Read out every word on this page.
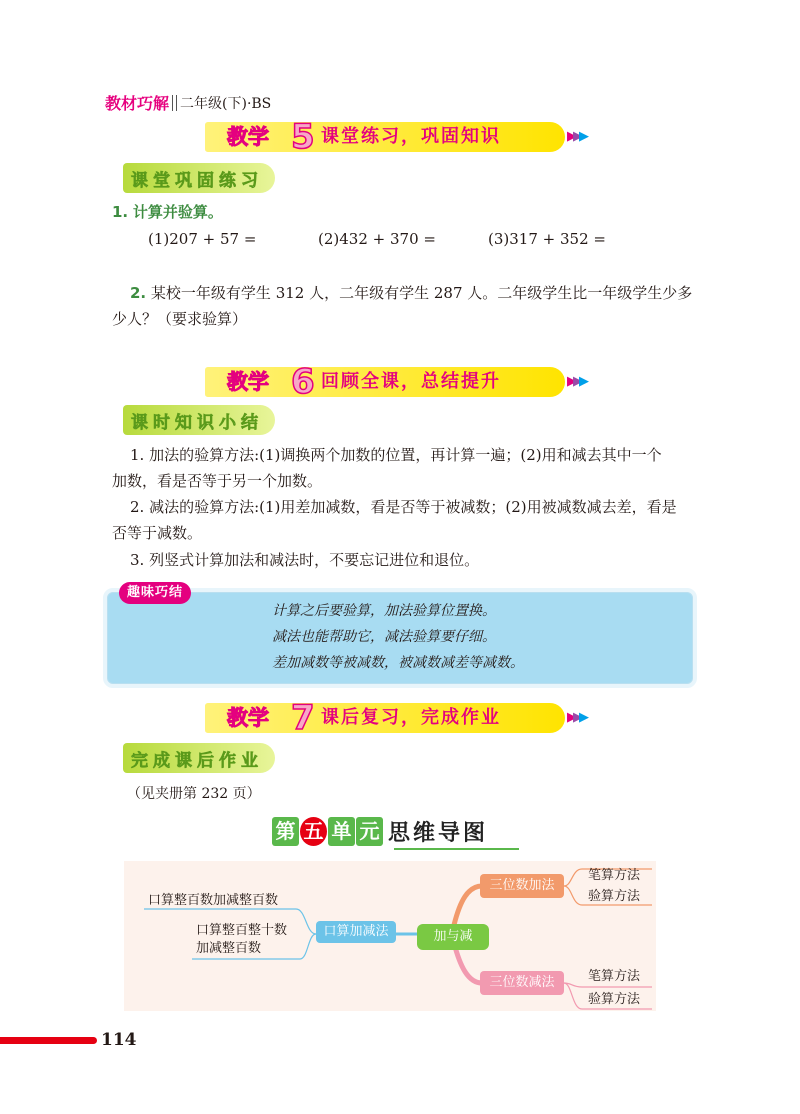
教材巧解 二年级(下)·BS
教学 5 课堂练习，巩固知识	▶▶▶
课堂巩固练习
1. 计算并验算。
(1)207 + 57 =	(2)432 + 370 =	(3)317 + 352 =
2. 某校一年级有学生 312 人，二年级有学生 287 人。二年级学生比一年级学生少多
少人？（要求验算）
教学 6 回顾全课，总结提升	▶▶▶
课时知识小结
1. 加法的验算方法:(1)调换两个加数的位置，再计算一遍；(2)用和减去其中一个
加数，看是否等于另一个加数。
2. 减法的验算方法:(1)用差加减数，看是否等于被减数；(2)用被减数减去差，看是
否等于减数。
3. 列竖式计算加法和减法时，不要忘记进位和退位。
趣味巧结
计算之后要验算，加法验算位置换。
减法也能帮助它，减法验算要仔细。
差加减数等被减数，被减数减差等减数。
教学 7 课后复习，完成作业	▶▶▶
完成课后作业
（见夹册第 232 页）
第 五 单 元 思维导图
加与减
口算加减法
三位数加法
三位数减法
口算整百数加减整百数
口算整百整十数
加减整百数
笔算方法
验算方法
笔算方法
验算方法
114
